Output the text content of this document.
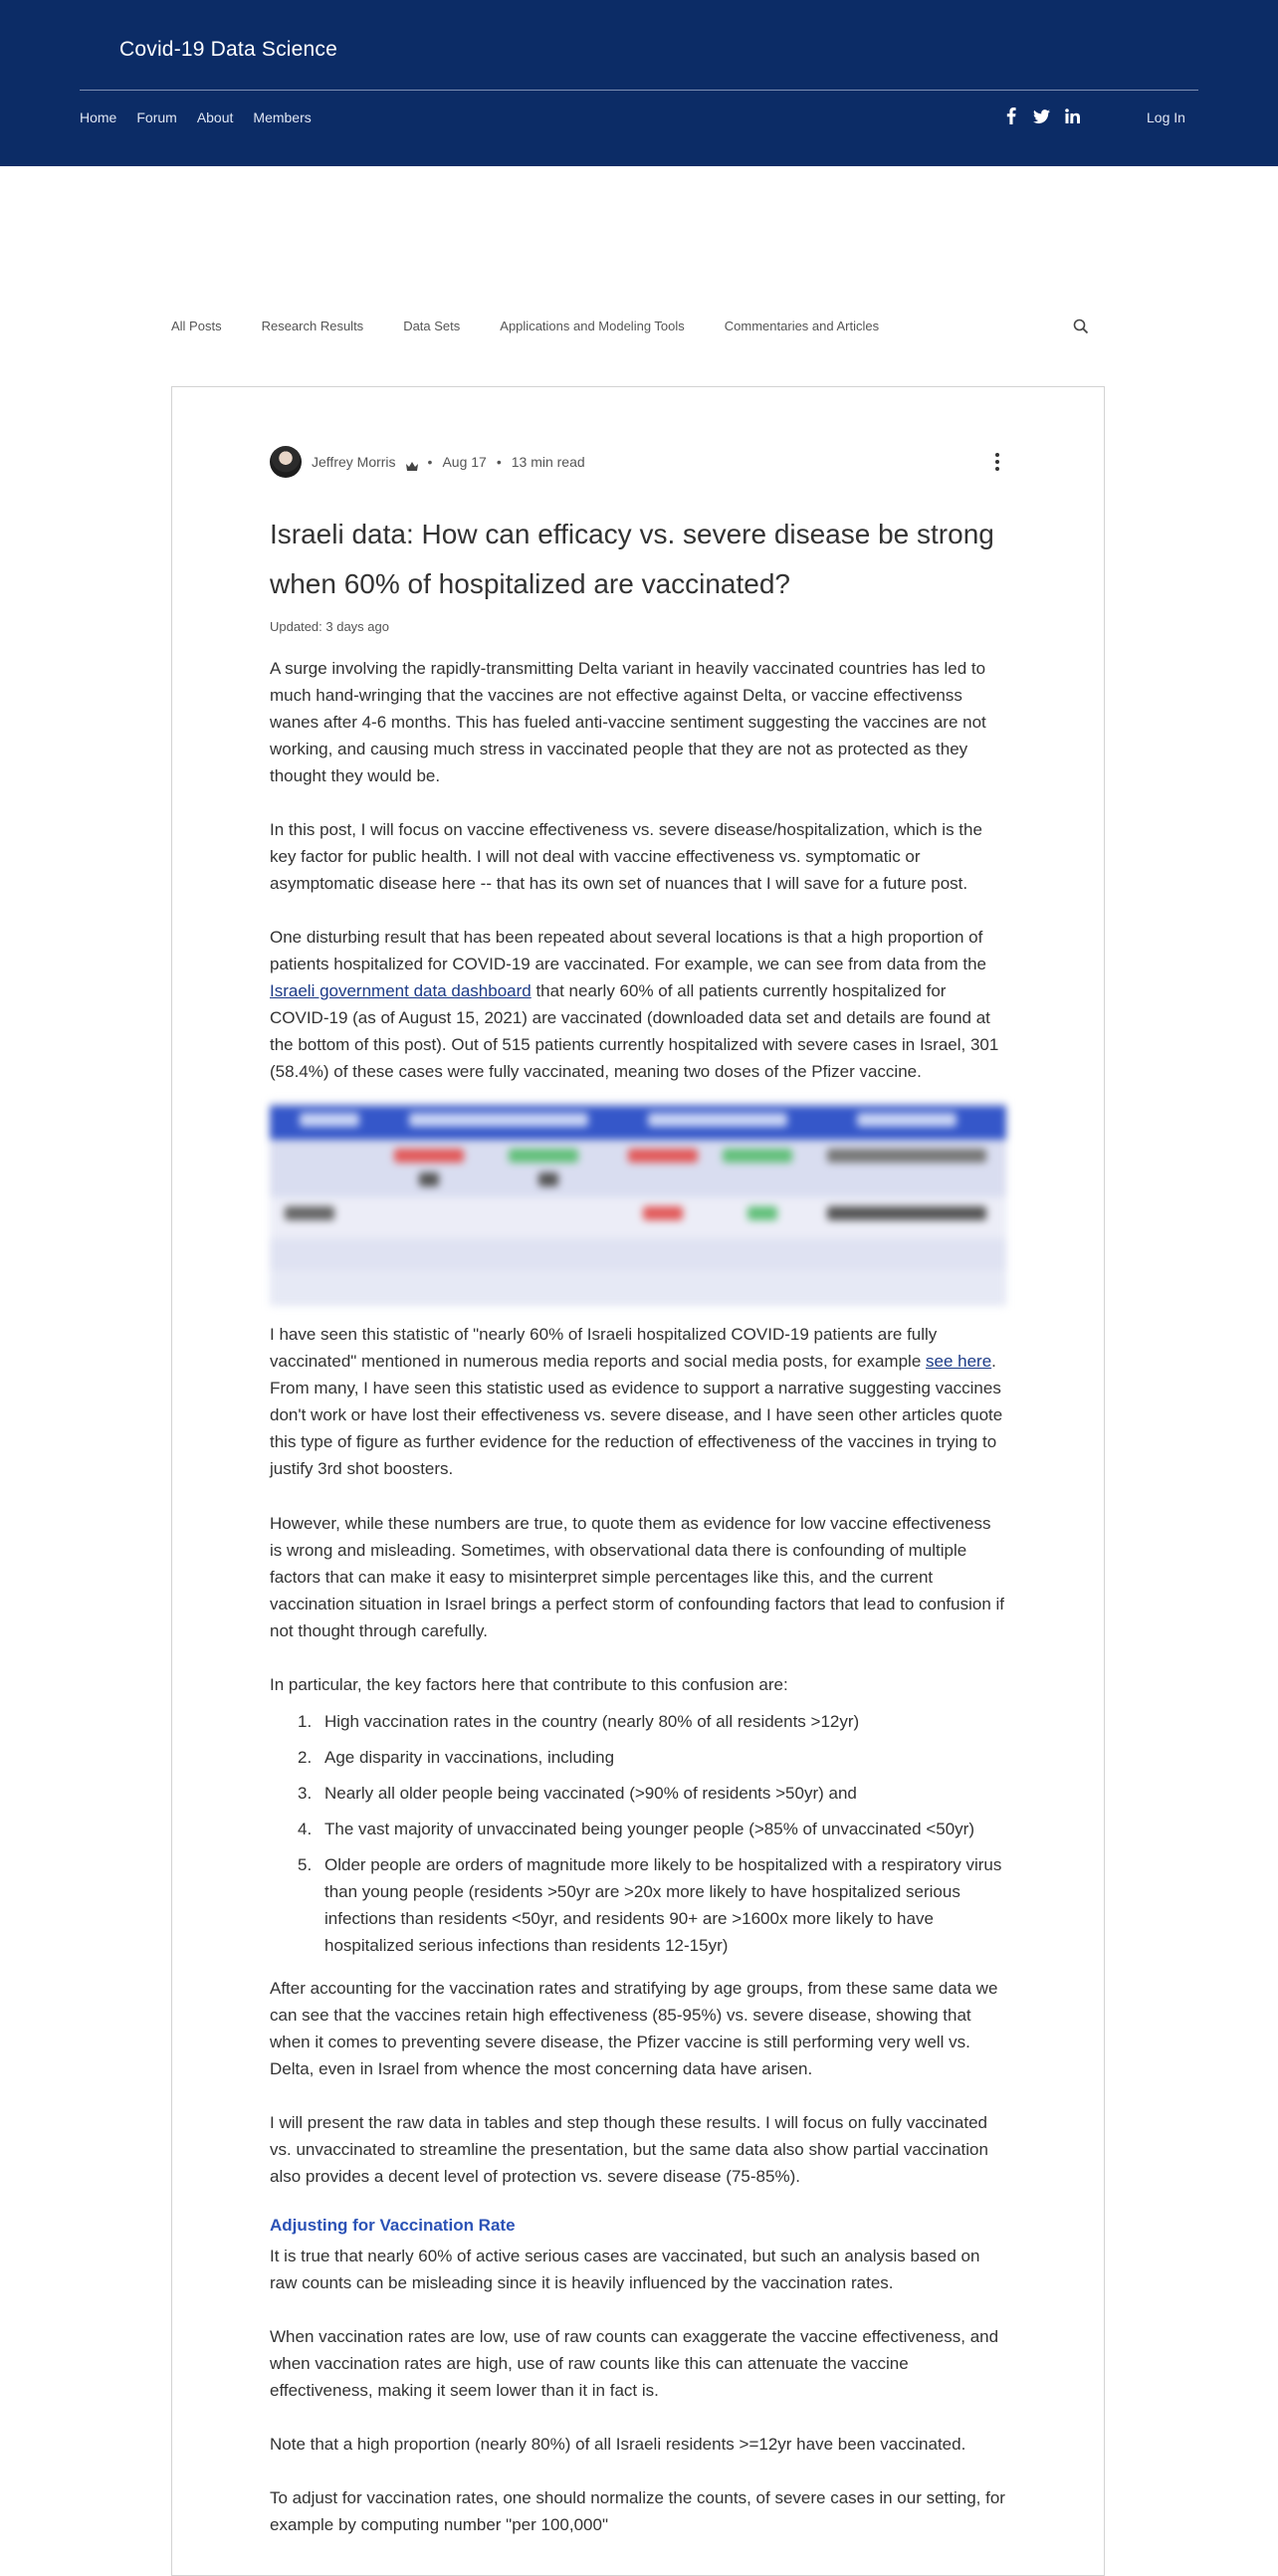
Covid-19 Data Science
Home Forum About Members	Log In
All Posts	Research Results	Data Sets	Applications and Modeling Tools	Commentaries and Articles
Jeffrey Morris • Aug 17 • 13 min read
Israeli data: How can efficacy vs. severe disease be strong when 60% of hospitalized are vaccinated?
Updated: 3 days ago

A surge involving the rapidly-transmitting Delta variant in heavily vaccinated countries has led to much hand-wringing that the vaccines are not effective against Delta, or vaccine effectivenss wanes after 4-6 months. This has fueled anti-vaccine sentiment suggesting the vaccines are not working, and causing much stress in vaccinated people that they are not as protected as they thought they would be.

In this post, I will focus on vaccine effectiveness vs. severe disease/hospitalization, which is the key factor for public health. I will not deal with vaccine effectiveness vs. symptomatic or asymptomatic disease here -- that has its own set of nuances that I will save for a future post.

One disturbing result that has been repeated about several locations is that a high proportion of patients hospitalized for COVID-19 are vaccinated. For example, we can see from data from the Israeli government data dashboard that nearly 60% of all patients currently hospitalized for COVID-19 (as of August 15, 2021) are vaccinated (downloaded data set and details are found at the bottom of this post). Out of 515 patients currently hospitalized with severe cases in Israel, 301 (58.4%) of these cases were fully vaccinated, meaning two doses of the Pfizer vaccine.

I have seen this statistic of "nearly 60% of Israeli hospitalized COVID-19 patients are fully vaccinated" mentioned in numerous media reports and social media posts, for example see here. From many, I have seen this statistic used as evidence to support a narrative suggesting vaccines don't work or have lost their effectiveness vs. severe disease, and I have seen other articles quote this type of figure as further evidence for the reduction of effectiveness of the vaccines in trying to justify 3rd shot boosters.

However, while these numbers are true, to quote them as evidence for low vaccine effectiveness is wrong and misleading. Sometimes, with observational data there is confounding of multiple factors that can make it easy to misinterpret simple percentages like this, and the current vaccination situation in Israel brings a perfect storm of confounding factors that lead to confusion if not thought through carefully.

In particular, the key factors here that contribute to this confusion are:

1. High vaccination rates in the country (nearly 80% of all residents >12yr)
2. Age disparity in vaccinations, including
3. Nearly all older people being vaccinated (>90% of residents >50yr) and
4. The vast majority of unvaccinated being younger people (>85% of unvaccinated <50yr)
5. Older people are orders of magnitude more likely to be hospitalized with a respiratory virus than young people (residents >50yr are >20x more likely to have hospitalized serious infections than residents <50yr, and residents 90+ are >1600x more likely to have hospitalized serious infections than residents 12-15yr)

After accounting for the vaccination rates and stratifying by age groups, from these same data we can see that the vaccines retain high effectiveness (85-95%) vs. severe disease, showing that when it comes to preventing severe disease, the Pfizer vaccine is still performing very well vs. Delta, even in Israel from whence the most concerning data have arisen.

I will present the raw data in tables and step though these results. I will focus on fully vaccinated vs. unvaccinated to streamline the presentation, but the same data also show partial vaccination also provides a decent level of protection vs. severe disease (75-85%).

Adjusting for Vaccination Rate

It is true that nearly 60% of active serious cases are vaccinated, but such an analysis based on raw counts can be misleading since it is heavily influenced by the vaccination rates.

When vaccination rates are low, use of raw counts can exaggerate the vaccine effectiveness, and when vaccination rates are high, use of raw counts like this can attenuate the vaccine effectiveness, making it seem lower than it in fact is.

Note that a high proportion (nearly 80%) of all Israeli residents >=12yr have been vaccinated.

To adjust for vaccination rates, one should normalize the counts, of severe cases in our setting, for example by computing number "per 100,000"
